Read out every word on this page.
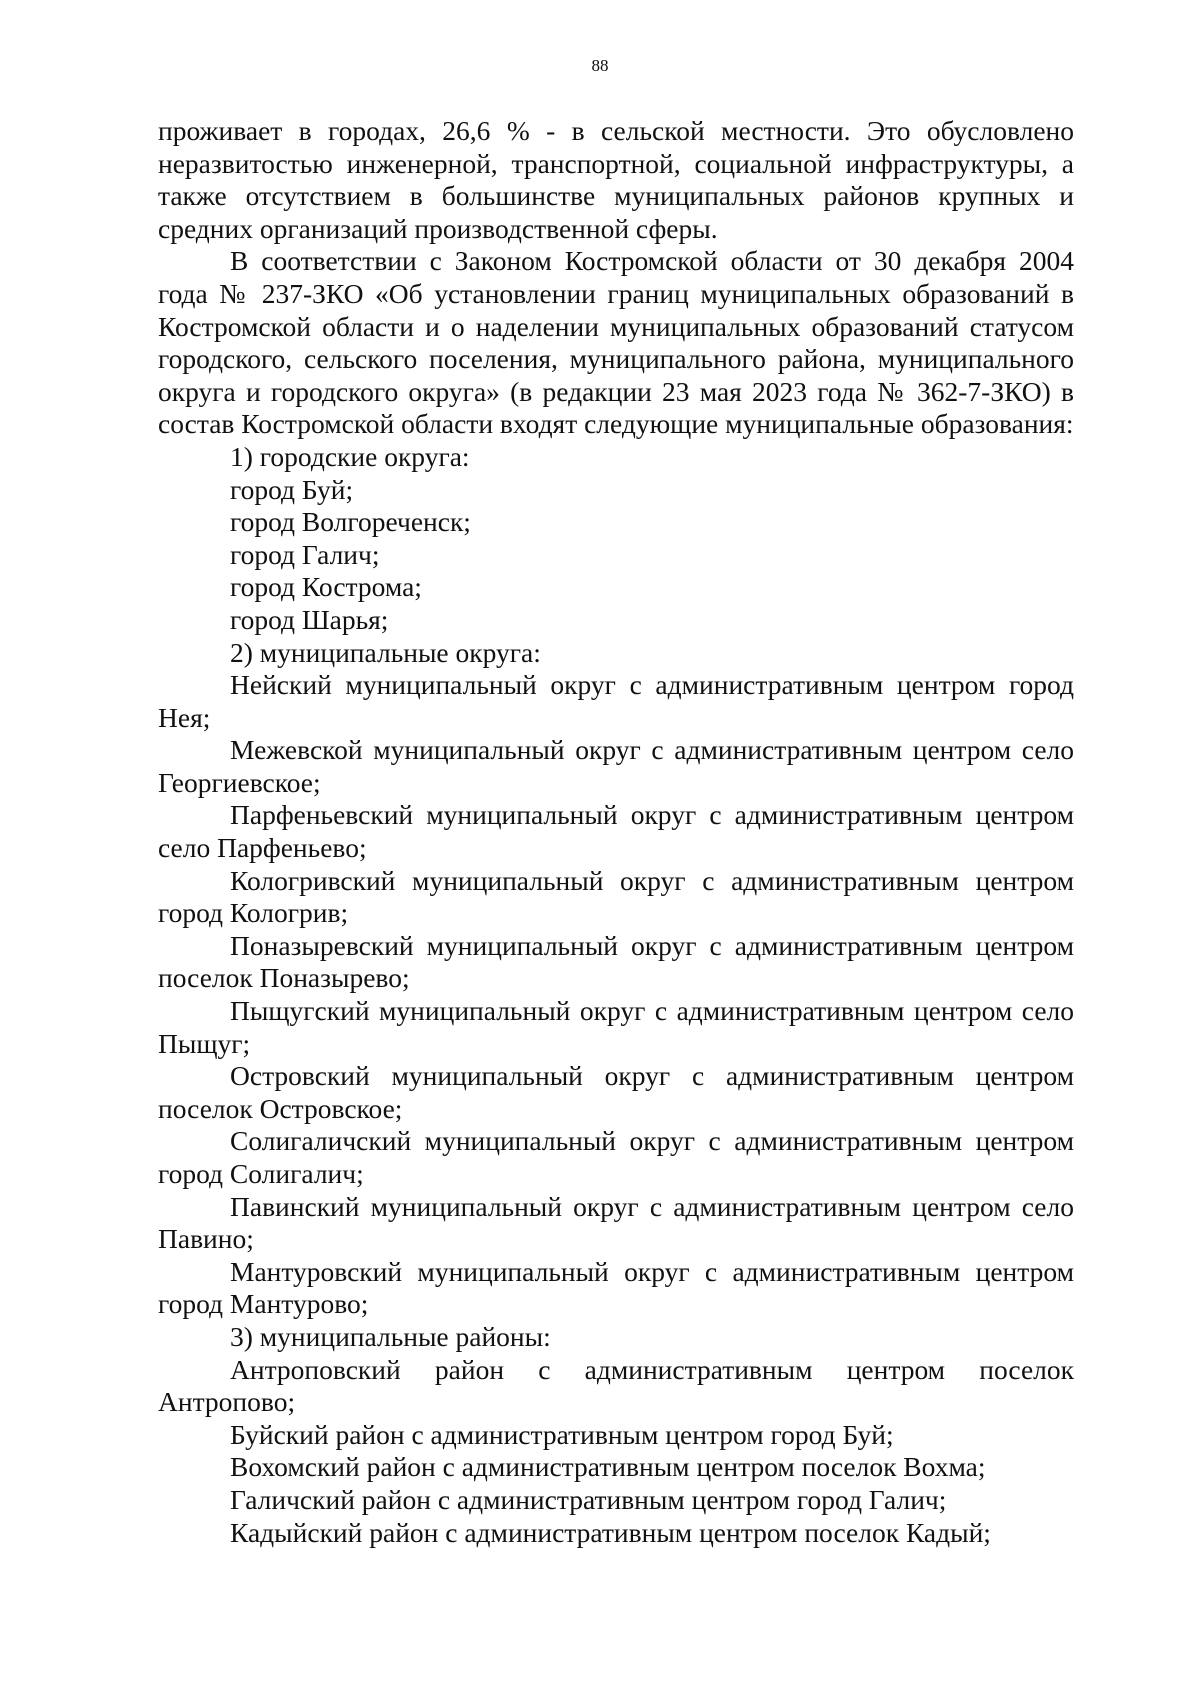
88

проживает в городах, 26,6 % - в сельской местности. Это обусловлено неразвитостью инженерной, транспортной, социальной инфраструктуры, а также отсутствием в большинстве муниципальных районов крупных и средних организаций производственной сферы.

В соответствии с Законом Костромской области от 30 декабря 2004 года № 237-ЗКО «Об установлении границ муниципальных образований в Костромской области и о наделении муниципальных образований статусом городского, сельского поселения, муниципального района, муниципального округа и городского округа» (в редакции 23 мая 2023 года № 362-7-ЗКО) в состав Костромской области входят следующие муниципальные образования:

1) городские округа:

город Буй;

город Волгореченск;

город Галич;

город Кострома;

город Шарья;

2) муниципальные округа:

Нейский муниципальный округ с административным центром город Нея;

Межевской муниципальный округ с административным центром село Георгиевское;

Парфеньевский муниципальный округ с административным центром село Парфеньево;

Кологривский муниципальный округ с административным центром город Кологрив;

Поназыревский муниципальный округ с административным центром поселок Поназырево;

Пыщугский муниципальный округ с административным центром село Пыщуг;

Островский муниципальный округ с административным центром поселок Островское;

Солигаличский муниципальный округ с административным центром город Солигалич;

Павинский муниципальный округ с административным центром село Павино;

Мантуровский муниципальный округ с административным центром город Мантурово;

3) муниципальные районы:

Антроповский район с административным центром поселок Антропово;

Буйский район с административным центром город Буй;

Вохомский район с административным центром поселок Вохма;

Галичский район с административным центром город Галич;

Кадыйский район с административным центром поселок Кадый;
